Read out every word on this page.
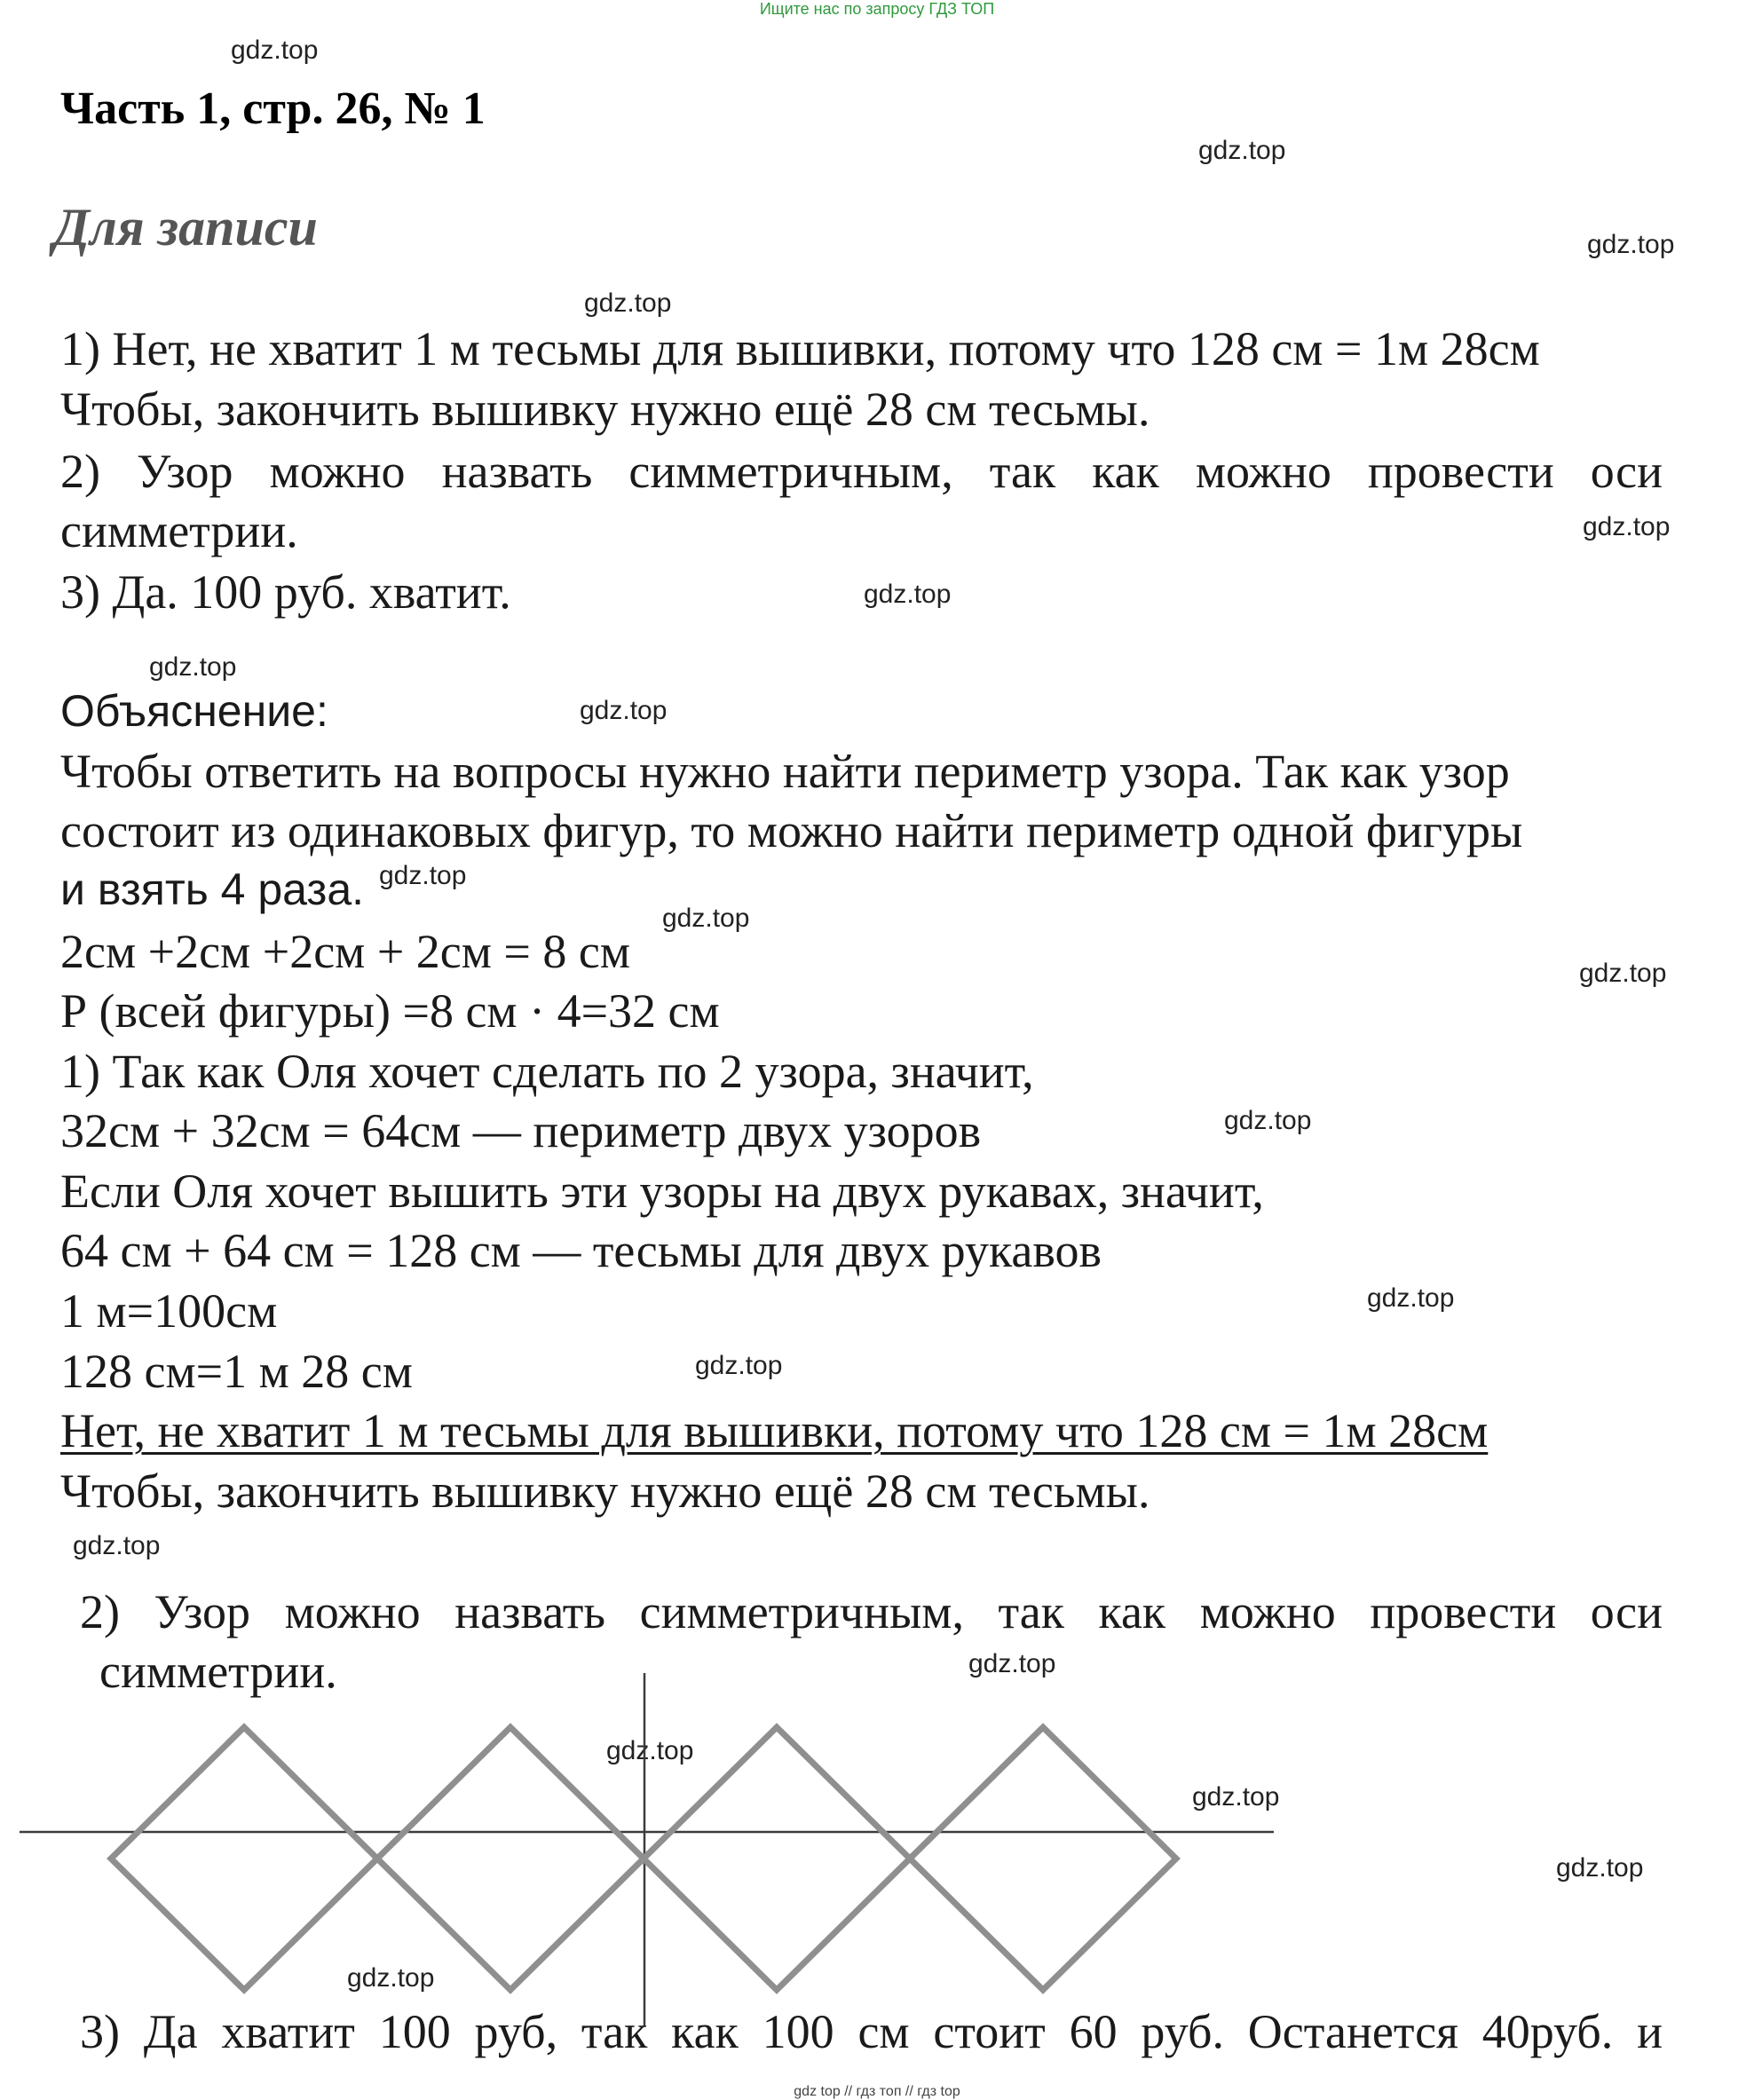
Ищите нас по запросу ГДЗ ТОП
gdz.top
gdz.top
gdz.top
gdz.top
gdz.top
gdz.top
gdz.top
gdz.top
gdz.top
gdz.top
gdz.top
gdz.top
gdz.top
gdz.top
gdz.top
gdz.top
gdz.top
gdz.top
gdz.top
gdz.top
Часть 1, стр. 26, № 1
Для записи
1) Нет, не хватит 1 м тесьмы для вышивки, потому что 128 см = 1м 28см
Чтобы, закончить вышивку нужно ещё 28 см тесьмы.
2) Узор можно назвать симметричным, так как можно провести оси
симметрии.
3) Да. 100 руб. хватит.
Объяснение:
Чтобы ответить на вопросы нужно найти периметр узора. Так как узор
состоит из одинаковых фигур, то можно найти периметр одной фигуры
и взять 4 раза.
2см +2см +2см + 2см = 8 см
Р (всей фигуры) =8 см · 4=32 см
1) Так как Оля хочет сделать по 2 узора, значит,
32см + 32см = 64см — периметр двух узоров
Если Оля хочет вышить эти узоры на двух рукавах, значит,
64 см + 64 см = 128 см — тесьмы для двух рукавов
1 м=100см
128 см=1 м 28 см
Нет, не хватит 1 м тесьмы для вышивки, потому что 128 см = 1м 28см
Чтобы, закончить вышивку нужно ещё 28 см тесьмы.
2) Узор можно назвать симметричным, так как можно провести оси
симметрии.
3) Да хватит 100 руб, так как 100 см стоит 60 руб. Останется 40руб. и
gdz top // гдз топ // гдз top
